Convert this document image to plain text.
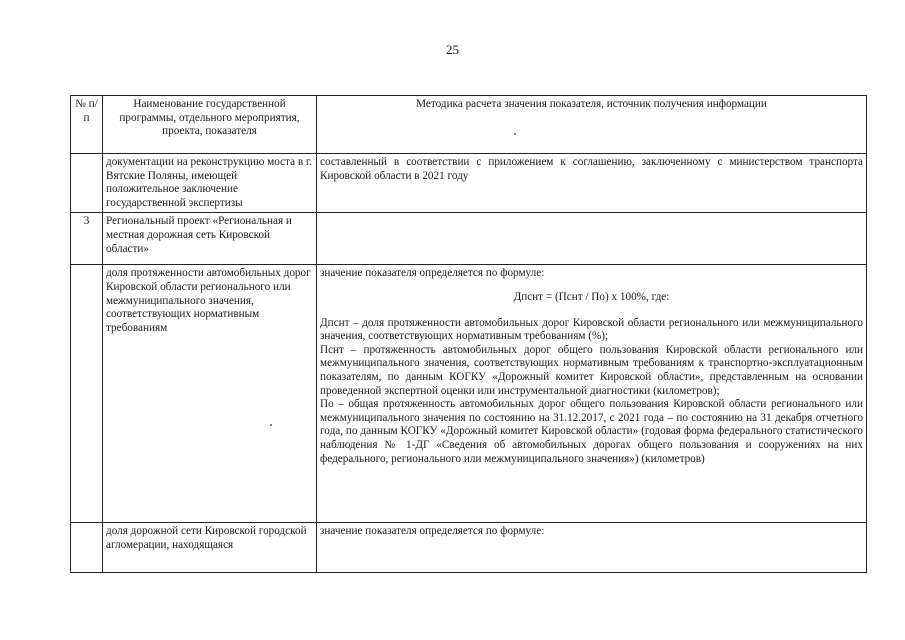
25
№ п/п	Наименование государственной программы, отдельного мероприятия, проекта, показателя	Методика расчета значения показателя, источник получения информации
	документации на реконструкцию моста в г. Вятские Поляны, имеющей положительное заключение государственной экспертизы	составленный в соответствии с приложением к соглашению, заключенному с министерством транспорта Кировской области в 2021 году
3	Региональный проект «Региональная и местная дорожная сеть Кировской области»	
	доля протяженности автомобильных дорог Кировской области регионального или межмуниципального значения, соответствующих нормативным требованиям	значение показателя определяется по формуле:
Дпснт = (Пснт / По) х 100%, где:
Дпснт – доля протяженности автомобильных дорог Кировской области регионального или межмуниципального значения, соответствующих нормативным требованиям (%);
Пснт – протяженность автомобильных дорог общего пользования Кировской области регионального или межмуниципального значения, соответствующих нормативным требованиям к транспортно-эксплуатационным показателям, по данным КОГКУ «Дорожный комитет Кировской области», представленным на основании проведенной экспертной оценки или инструментальной диагностики (километров);
По – общая протяженность автомобильных дорог общего пользования Кировской области регионального или межмуниципального значения по состоянию на 31.12.2017, с 2021 года – по состоянию на 31 декабря отчетного года, по данным КОГКУ «Дорожный комитет Кировской области» (годовая форма федерального статистического наблюдения № 1-ДГ «Сведения об автомобильных дорогах общего пользования и сооружениях на них федерального, регионального или межмуниципального значения») (километров)

	доля дорожной сети Кировской городской агломерации, находящаяся	значение показателя определяется по формуле:
